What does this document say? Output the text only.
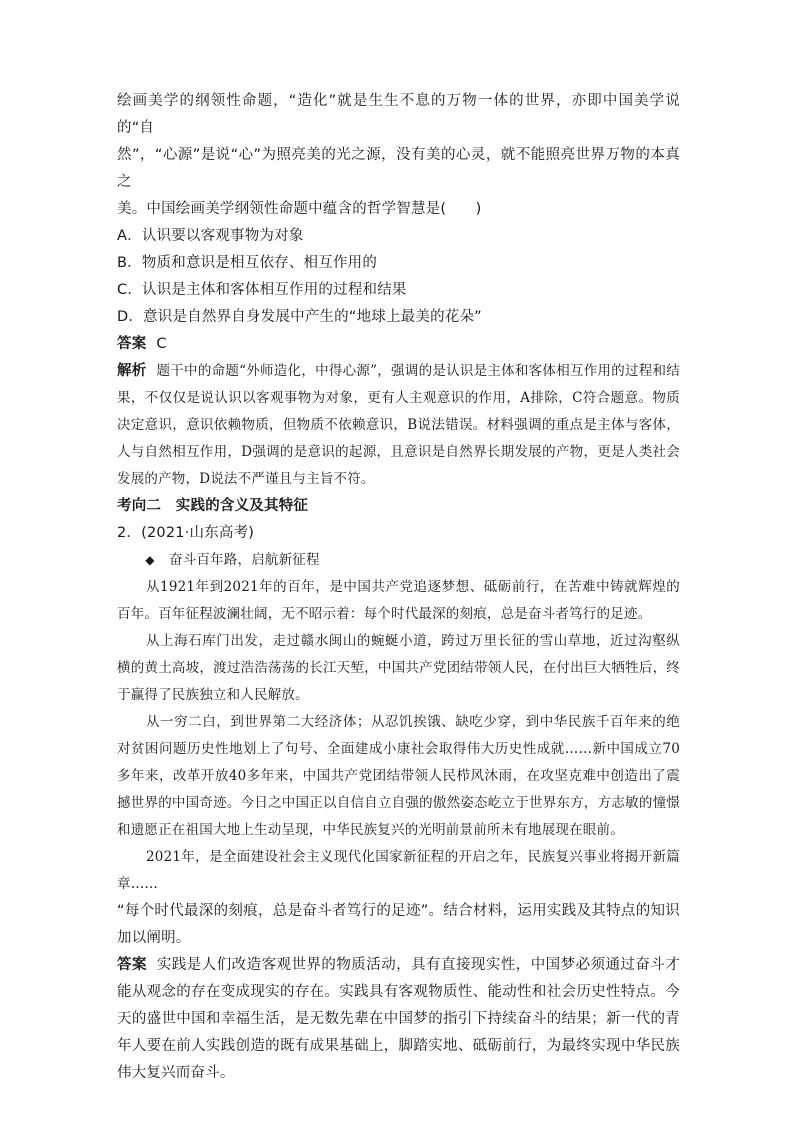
绘画美学的纲领性命题，“造化”就是生生不息的万物一体的世界，亦即中国美学说的“自

然”，“心源”是说“心”为照亮美的光之源，没有美的心灵，就不能照亮世界万物的本真之

美。中国绘画美学纲领性命题中蕴含的哲学智慧是(　　)

A．认识要以客观事物为对象

B．物质和意识是相互依存、相互作用的

C．认识是主体和客体相互作用的过程和结果

D．意识是自然界自身发展中产生的“地球上最美的花朵”

答案 C

解析 题干中的命题“外师造化，中得心源”，强调的是认识是主体和客体相互作用的过程和结果，不仅仅是说认识以客观事物为对象，更有人主观意识的作用，A排除，C符合题意。物质决定意识，意识依赖物质，但物质不依赖意识，B说法错误。材料强调的重点是主体与客体，人与自然相互作用，D强调的是意识的起源，且意识是自然界长期发展的产物，更是人类社会发展的产物，D说法不严谨且与主旨不符。

考向二　实践的含义及其特征

2．(2021·山东高考)

◆ 奋斗百年路，启航新征程

从1921年到2021年的百年，是中国共产党追逐梦想、砥砺前行，在苦难中铸就辉煌的百年。百年征程波澜壮阔，无不昭示着：每个时代最深的刻痕，总是奋斗者笃行的足迹。

从上海石库门出发，走过赣水闽山的蜿蜒小道，跨过万里长征的雪山草地，近过沟壑纵横的黄土高坡，渡过浩浩荡荡的长江天堑，中国共产党团结带领人民，在付出巨大牺牲后，终于赢得了民族独立和人民解放。

从一穷二白，到世界第二大经济体；从忍饥挨饿、缺吃少穿，到中华民族千百年来的绝对贫困问题历史性地划上了句号、全面建成小康社会取得伟大历史性成就……新中国成立70多年来，改革开放40多年来，中国共产党团结带领人民栉风沐雨，在攻坚克难中创造出了震撼世界的中国奇迹。今日之中国正以自信自立自强的傲然姿态屹立于世界东方，方志敏的憧憬和遗愿正在祖国大地上生动呈现，中华民族复兴的光明前景前所未有地展现在眼前。

2021年，是全面建设社会主义现代化国家新征程的开启之年，民族复兴事业将揭开新篇章……

“每个时代最深的刻痕，总是奋斗者笃行的足迹”。结合材料，运用实践及其特点的知识加以阐明。

答案 实践是人们改造客观世界的物质活动，具有直接现实性，中国梦必须通过奋斗才能从观念的存在变成现实的存在。实践具有客观物质性、能动性和社会历史性特点。今天的盛世中国和幸福生活，是无数先辈在中国梦的指引下持续奋斗的结果；新一代的青年人要在前人实践创造的既有成果基础上，脚踏实地、砥砺前行，为最终实现中华民族伟大复兴而奋斗。
